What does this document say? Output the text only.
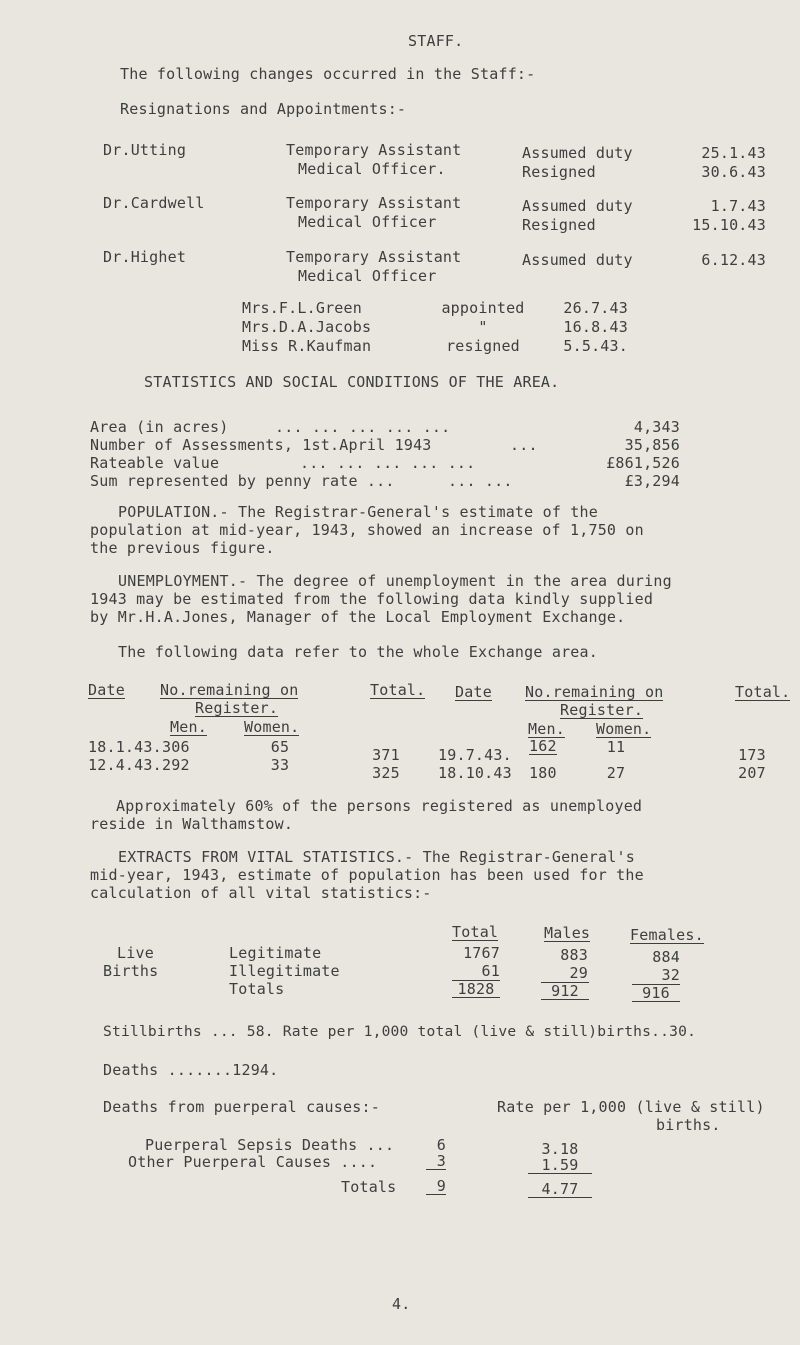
STAFF.
The following changes occurred in the Staff:-
Resignations and Appointments:-
Dr.Utting	Temporary Assistant
Medical Officer.
Assumed duty	25.1.43
Resigned	30.6.43
Dr.Cardwell	Temporary Assistant
Medical Officer
Assumed duty	1.7.43
Resigned	15.10.43
Dr.Highet	Temporary Assistant
Medical Officer
Assumed duty	6.12.43
Mrs.F.L.Green	appointed	26.7.43
Mrs.D.A.Jacobs	"	16.8.43
Miss R.Kaufman	resigned	5.5.43.
STATISTICS AND SOCIAL CONDITIONS OF THE AREA.
Area (in acres)	... ... ... ... ...	4,343
Number of Assessments, 1st.April 1943	...	35,856
Rateable value	... ... ... ... ...	£861,526
Sum represented by penny rate ...	... ...	£3,294
POPULATION.- The Registrar-General's estimate of the
population at mid-year, 1943, showed an increase of 1,750 on
the previous figure.
UNEMPLOYMENT.- The degree of unemployment in the area during
1943 may be estimated from the following data kindly supplied
by Mr.H.A.Jones, Manager of the Local Employment Exchange.
The following data refer to the whole Exchange area.
Date No.remaining on
Register.
Total.
Men. Women.
Date No.remaining on
Register.
Total.
Men. Women.
18.1.43. 306	65	371	19.7.43. 162	11	173
12.4.43. 292	33	325	18.10.43 180	27	207
Approximately 60% of the persons registered as unemployed
reside in Walthamstow.
EXTRACTS FROM VITAL STATISTICS.- The Registrar-General's
mid-year, 1943, estimate of population has been used for the
calculation of all vital statistics:-
Total	Males	Females.
Live
Births
Legitimate	1767	883	884
Illegitimate	61	29	32
Totals	1828	912	916
Stillbirths ... 58. Rate per 1,000 total (live & still)births..30.
Deaths .......1294.
Deaths from puerperal causes:-	Rate per 1,000 (live & still)
births.
Puerperal Sepsis Deaths ...	6	3.18
Other Puerperal Causes ....	3	1.59
Totals	9	4.77
4.
